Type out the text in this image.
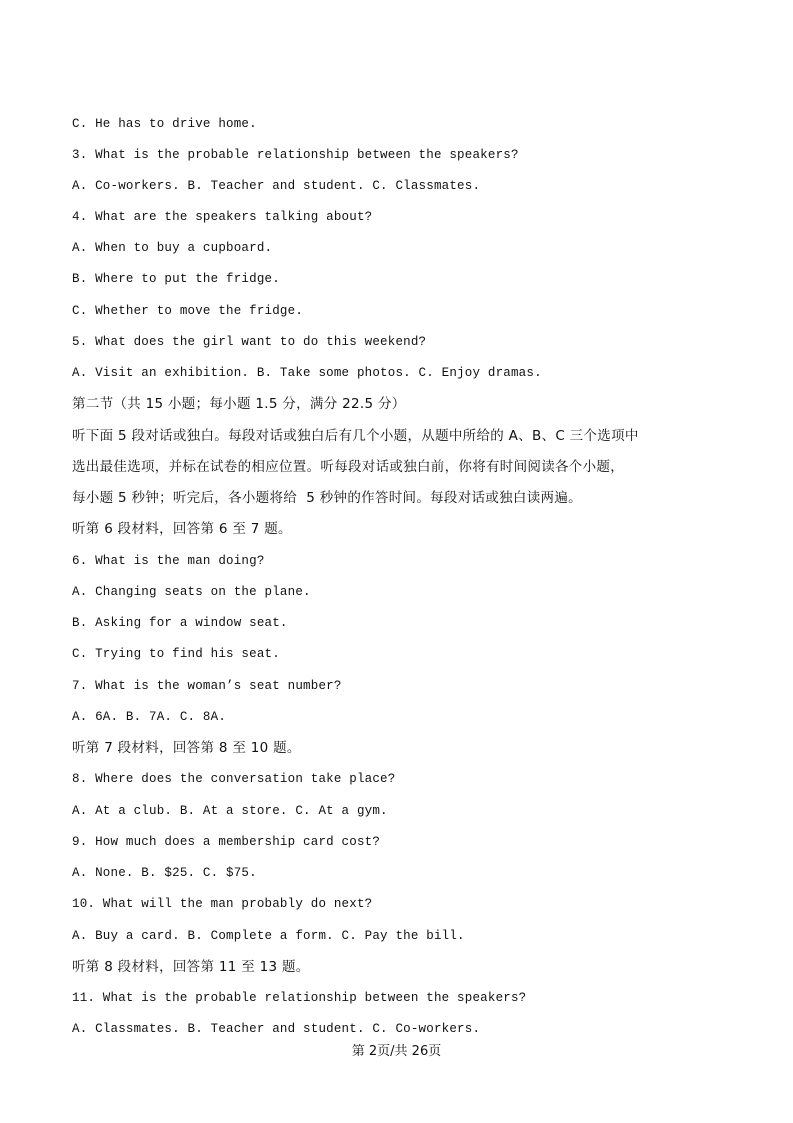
C. He has to drive home.
3. What is the probable relationship between the speakers?
A. Co-workers. B. Teacher and student. C. Classmates.
4. What are the speakers talking about?
A. When to buy a cupboard.
B. Where to put the fridge.
C. Whether to move the fridge.
5. What does the girl want to do this weekend?
A. Visit an exhibition. B. Take some photos. C. Enjoy dramas.
第二节（共 15 小题；每小题 1.5 分，满分 22.5 分）
听下面 5 段对话或独白。每段对话或独白后有几个小题，从题中所给的 A、B、C 三个选项中
选出最佳选项，并标在试卷的相应位置。听每段对话或独白前，你将有时间阅读各个小题，
每小题 5 秒钟；听完后，各小题将给  5 秒钟的作答时间。每段对话或独白读两遍。
听第 6 段材料，回答第 6 至 7 题。
6. What is the man doing?
A. Changing seats on the plane.
B. Asking for a window seat.
C. Trying to find his seat.
7. What is the woman’s seat number?
A. 6A. B. 7A. C. 8A.
听第 7 段材料，回答第 8 至 10 题。
8. Where does the conversation take place?
A. At a club. B. At a store. C. At a gym.
9. How much does a membership card cost?
A. None. B. $25. C. $75.
10. What will the man probably do next?
A. Buy a card. B. Complete a form. C. Pay the bill.
听第 8 段材料，回答第 11 至 13 题。
11. What is the probable relationship between the speakers?
A. Classmates. B. Teacher and student. C. Co-workers.
第 2页/共 26页
